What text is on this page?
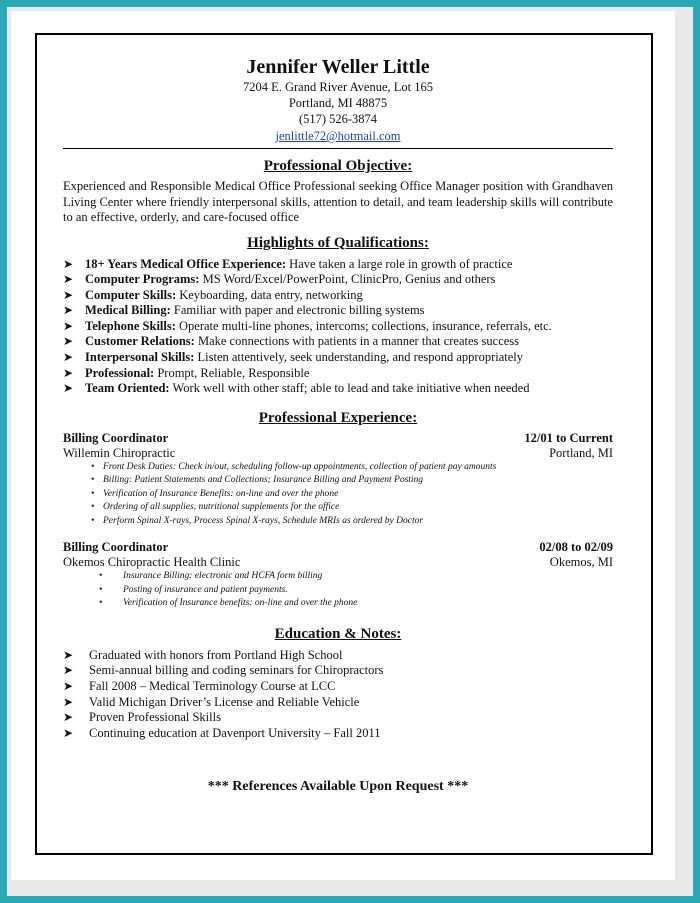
Jennifer Weller Little
7204 E. Grand River Avenue, Lot 165
Portland, MI 48875
(517) 526-3874
jenlittle72@hotmail.com
Professional Objective:
Experienced and Responsible Medical Office Professional seeking Office Manager position with Grandhaven Living Center where friendly interpersonal skills, attention to detail, and team leadership skills will contribute to an effective, orderly, and care-focused office
Highlights of Qualifications:
➤ 18+ Years Medical Office Experience: Have taken a large role in growth of practice
➤ Computer Programs: MS Word/Excel/PowerPoint, ClinicPro, Genius and others
➤ Computer Skills: Keyboarding, data entry, networking
➤ Medical Billing: Familiar with paper and electronic billing systems
➤ Telephone Skills: Operate multi-line phones, intercoms; collections, insurance, referrals, etc.
➤ Customer Relations: Make connections with patients in a manner that creates success
➤ Interpersonal Skills: Listen attentively, seek understanding, and respond appropriately
➤ Professional: Prompt, Reliable, Responsible
➤ Team Oriented: Work well with other staff; able to lead and take initiative when needed
Professional Experience:
Billing Coordinator	12/01 to Current
Willemin Chiropractic	Portland, MI
• Front Desk Duties: Check in/out, scheduling follow-up appointments, collection of patient pay amounts
• Billing: Patient Statements and Collections; Insurance Billing and Payment Posting
• Verification of Insurance Benefits: on-line and over the phone
• Ordering of all supplies, nutritional supplements for the office
• Perform Spinal X-rays, Process Spinal X-rays, Schedule MRIs as ordered by Doctor
Billing Coordinator	02/08 to 02/09
Okemos Chiropractic Health Clinic	Okemos, MI
• Insurance Billing: electronic and HCFA form billing
• Posting of insurance and patient payments.
• Verification of Insurance benefits: on-line and over the phone
Education & Notes:
➤ Graduated with honors from Portland High School
➤ Semi-annual billing and coding seminars for Chiropractors
➤ Fall 2008 – Medical Terminology Course at LCC
➤ Valid Michigan Driver’s License and Reliable Vehicle
➤ Proven Professional Skills
➤ Continuing education at Davenport University – Fall 2011
*** References Available Upon Request ***
